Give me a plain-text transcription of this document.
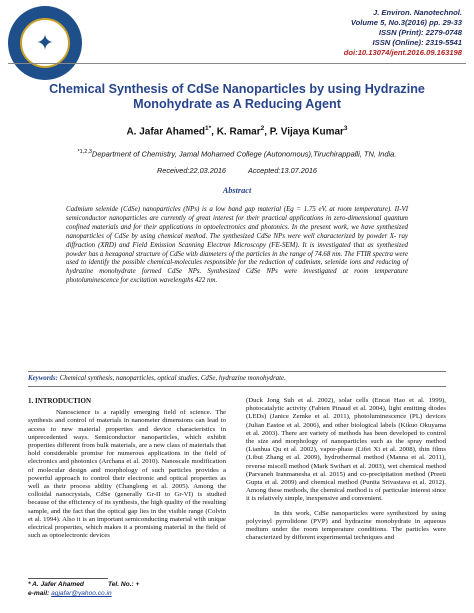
✦
J. Environ. Nanotechnol.
Volume 5, No.3(2016) pp. 29-33
ISSN (Print): 2279-0748
ISSN (Online): 2319-5541
doi:10.13074/jent.2016.09.163198
Chemical Synthesis of CdSe Nanoparticles by using Hydrazine Monohydrate as A Reducing Agent
A. Jafar Ahamed$^{1*}$, K. Ramar$^2$, P. Vijaya Kumar$^3$
$^{*1,2,3}$Department of Chemistry, Jamal Mohamed College (Autonomous),Tiruchirappalli, TN, India.
Received:22.03.2016	Accepted:13.07.2016
Abstract
Cadmium selenide (CdSe) nanoparticles (NPs) is a low band gap material (Eg = 1.75 eV, at room temperature). II-VI semiconductor nanoparticles are currently of great interest for their practical applications in zero-dimensional quantum confined materials and for their applications in optoelectronics and photonics. In the present work, we have synthesized nanoparticles of CdSe by using chemical method. The synthesized CdSe NPs were well characterized by powder X- ray diffraction (XRD) and Field Emission Scanning Electron Microscopy (FE-SEM). It is investigated that as synthesized powder has a hexagonal structure of CdSe with diameters of the particles in the range of 74.68 nm. The FTIR spectra were used to identify the possible chemical-molecules responsible for the reduction of cadmium, selenide ions and reducing of hydrazine monohydrate formed CdSe NPs. Synthesized CdSe NPs were investigated at room temperature photoluminescence for excitation wavelengths 422 nm.
Keywords: Chemical synthesis, nanoparticles, optical studies, CdSe, hydrazine monohydrate.
1. INTRODUCTION

Nanoscience is a rapidly emerging field of science. The synthesis and control of materials in nanometer dimensions can lead to access to new material properties and device characteristics in unprecedented ways. Semiconductor nanoparticles, which exhibit properties different from bulk materials, are a new class of materials that hold considerable promise for numerous applications in the field of electronics and photonics (Archana et al. 2010). Nanoscale modification of molecular design and morphology of such particles provides a powerful approach to control their electronic and optical properties as well as their process ability (Changlong et al. 2005). Among the colloidal nanocrystals, CdSe (generally Gr-II to Gr-VI) is studied because of the efficiency of its synthesis, the high quality of the resulting sample, and the fact that the optical gap lies in the visible range (Colvin et al. 1994). Also it is an important semiconducting material with unique electrical properties, which makes it a promising material in the field of such as optoelectronic devices

(Duck Jong Suh et al. 2002), solar cells (Encai Hao et al. 1999), photocatalytic activity (Fabien Pinaud et al. 2004), light emitting diodes (LEDs) (Janice Zemke et al. 2011), photoluminescence (PL) devices (Julian Eastoe et al. 2006), and other biological labels (Kikuo Okuyama et al. 2003). There are variety of methods has been developed to control the size and morphology of nanoparticles such as the spray method (Lianhua Qu et al. 2002), vapor-phase (Lifei Xi et al. 2008), thin films (Libui Zhang et al. 2009), hydrothermal method (Manna et al. 2011), reverse miscell method (Mark Swihart et al. 2003), wet chemical method (Parvaneh Iranmanesha et al. 2015) and co-precipitation method (Preeti Gupta et al. 2009) and chemical method (Punita Srivastava et al. 2012). Among these methods, the chemical method is of particular interest since it is relatively simple, inexpensive and convenient.

In this work, CdSe nanoparticles were synthesized by using polyvinyl pyrrolidone (PVP) and hydrazine monohydrate in aqueous medium under the room temperature conditions. The particles were characterized by different experimental techniques and

* A. Jafer Ahamed	Tel. No.: +
e-mail: agjafar@yahoo.co.in
